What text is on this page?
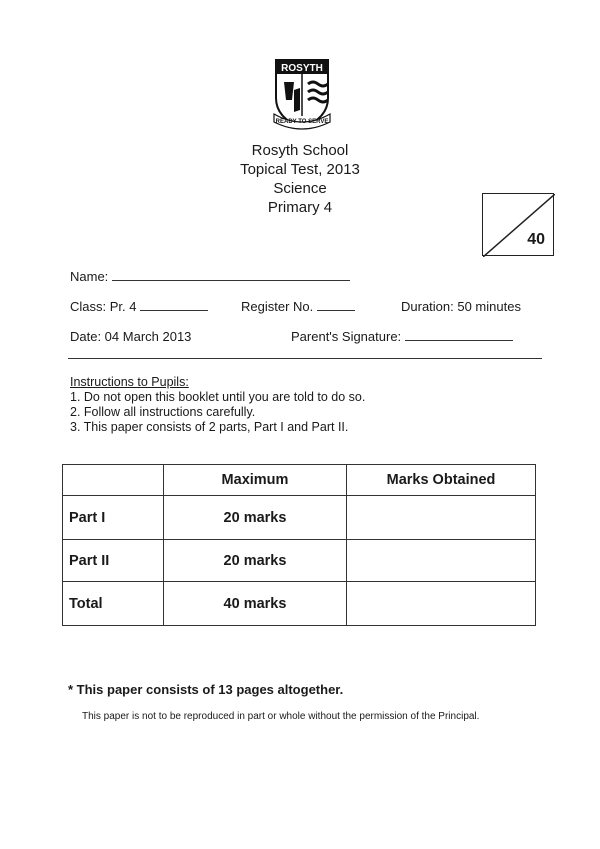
ROSYTH
READY TO SERVE
Rosyth School
Topical Test, 2013
Science
Primary 4
40
Name:
Class: Pr. 4	Register No.	Duration: 50 minutes
Date: 04 March 2013	Parent's Signature:
Instructions to Pupils:
1. Do not open this booklet until you are told to do so.
2. Follow all instructions carefully.
3. This paper consists of 2 parts, Part I and Part II.
	Maximum	Marks Obtained
Part I	20 marks	
Part II	20 marks	
Total	40 marks	
* This paper consists of 13 pages altogether.
This paper is not to be reproduced in part or whole without the permission of the Principal.
